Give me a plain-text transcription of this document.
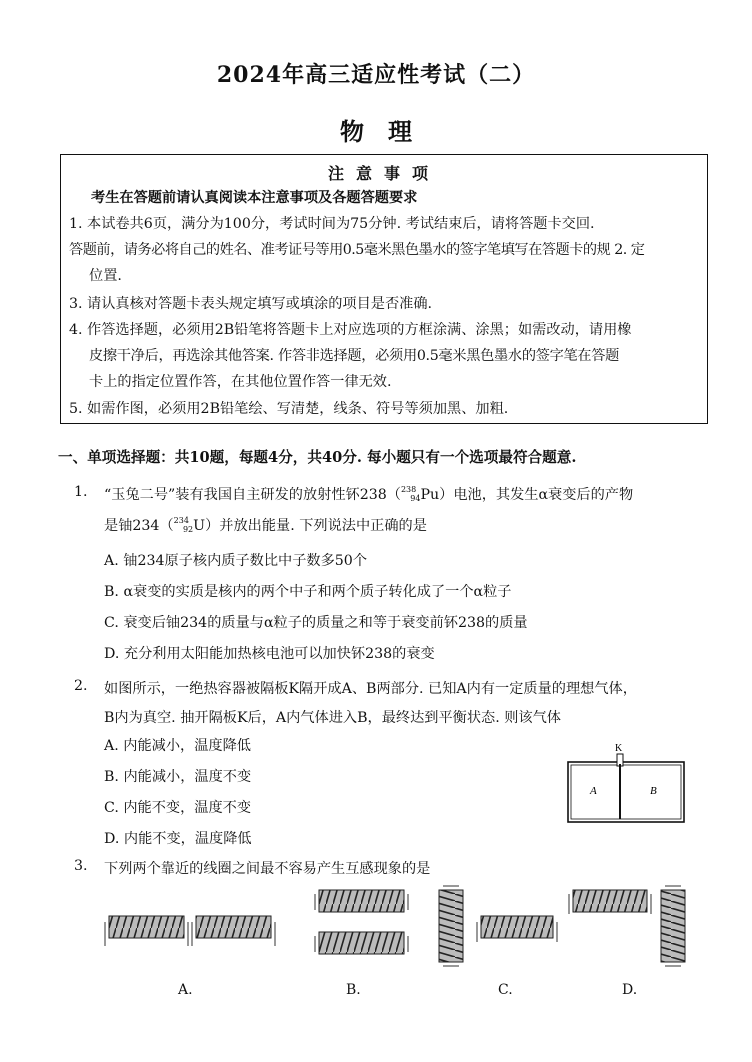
2024年高三适应性考试（二）
物理
注意事项
考生在答题前请认真阅读本注意事项及各题答题要求
1. 本试卷共6页，满分为100分，考试时间为75分钟. 考试结束后，请将答题卡交回.
答题前，请务必将自己的姓名、准考证号等用0.5毫米黑色墨水的签字笔填写在答题卡的规 2. 定
位置.
3. 请认真核对答题卡表头规定填写或填涂的项目是否准确.
4. 作答选择题，必须用2B铅笔将答题卡上对应选项的方框涂满、涂黑；如需改动，请用橡
皮擦干净后，再选涂其他答案. 作答非选择题，必须用0.5毫米黑色墨水的签字笔在答题
卡上的指定位置作答，在其他位置作答一律无效.
5. 如需作图，必须用2B铅笔绘、写清楚，线条、符号等须加黑、加粗.
一、单项选择题：共10题，每题4分，共40分. 每小题只有一个选项最符合题意.
1. “玉兔二号”装有我国自主研发的放射性钚238（$^{238}_{94}$Pu）电池，其发生α衰变后的产物
是铀234（$^{234}_{92}$U）并放出能量. 下列说法中正确的是
A. 铀234原子核内质子数比中子数多50个
B. α衰变的实质是核内的两个中子和两个质子转化成了一个α粒子
C. 衰变后铀234的质量与α粒子的质量之和等于衰变前钚238的质量
D. 充分利用太阳能加热核电池可以加快钚238的衰变
2. 如图所示，一绝热容器被隔板K隔开成A、B两部分. 已知A内有一定质量的理想气体，
B内为真空. 抽开隔板K后，A内气体进入B，最终达到平衡状态. 则该气体
A. 内能减小，温度降低
B. 内能减小，温度不变
C. 内能不变，温度不变
D. 内能不变，温度降低
K
A	B
3. 下列两个靠近的线圈之间最不容易产生互感现象的是
A.	B.	C.	D.
